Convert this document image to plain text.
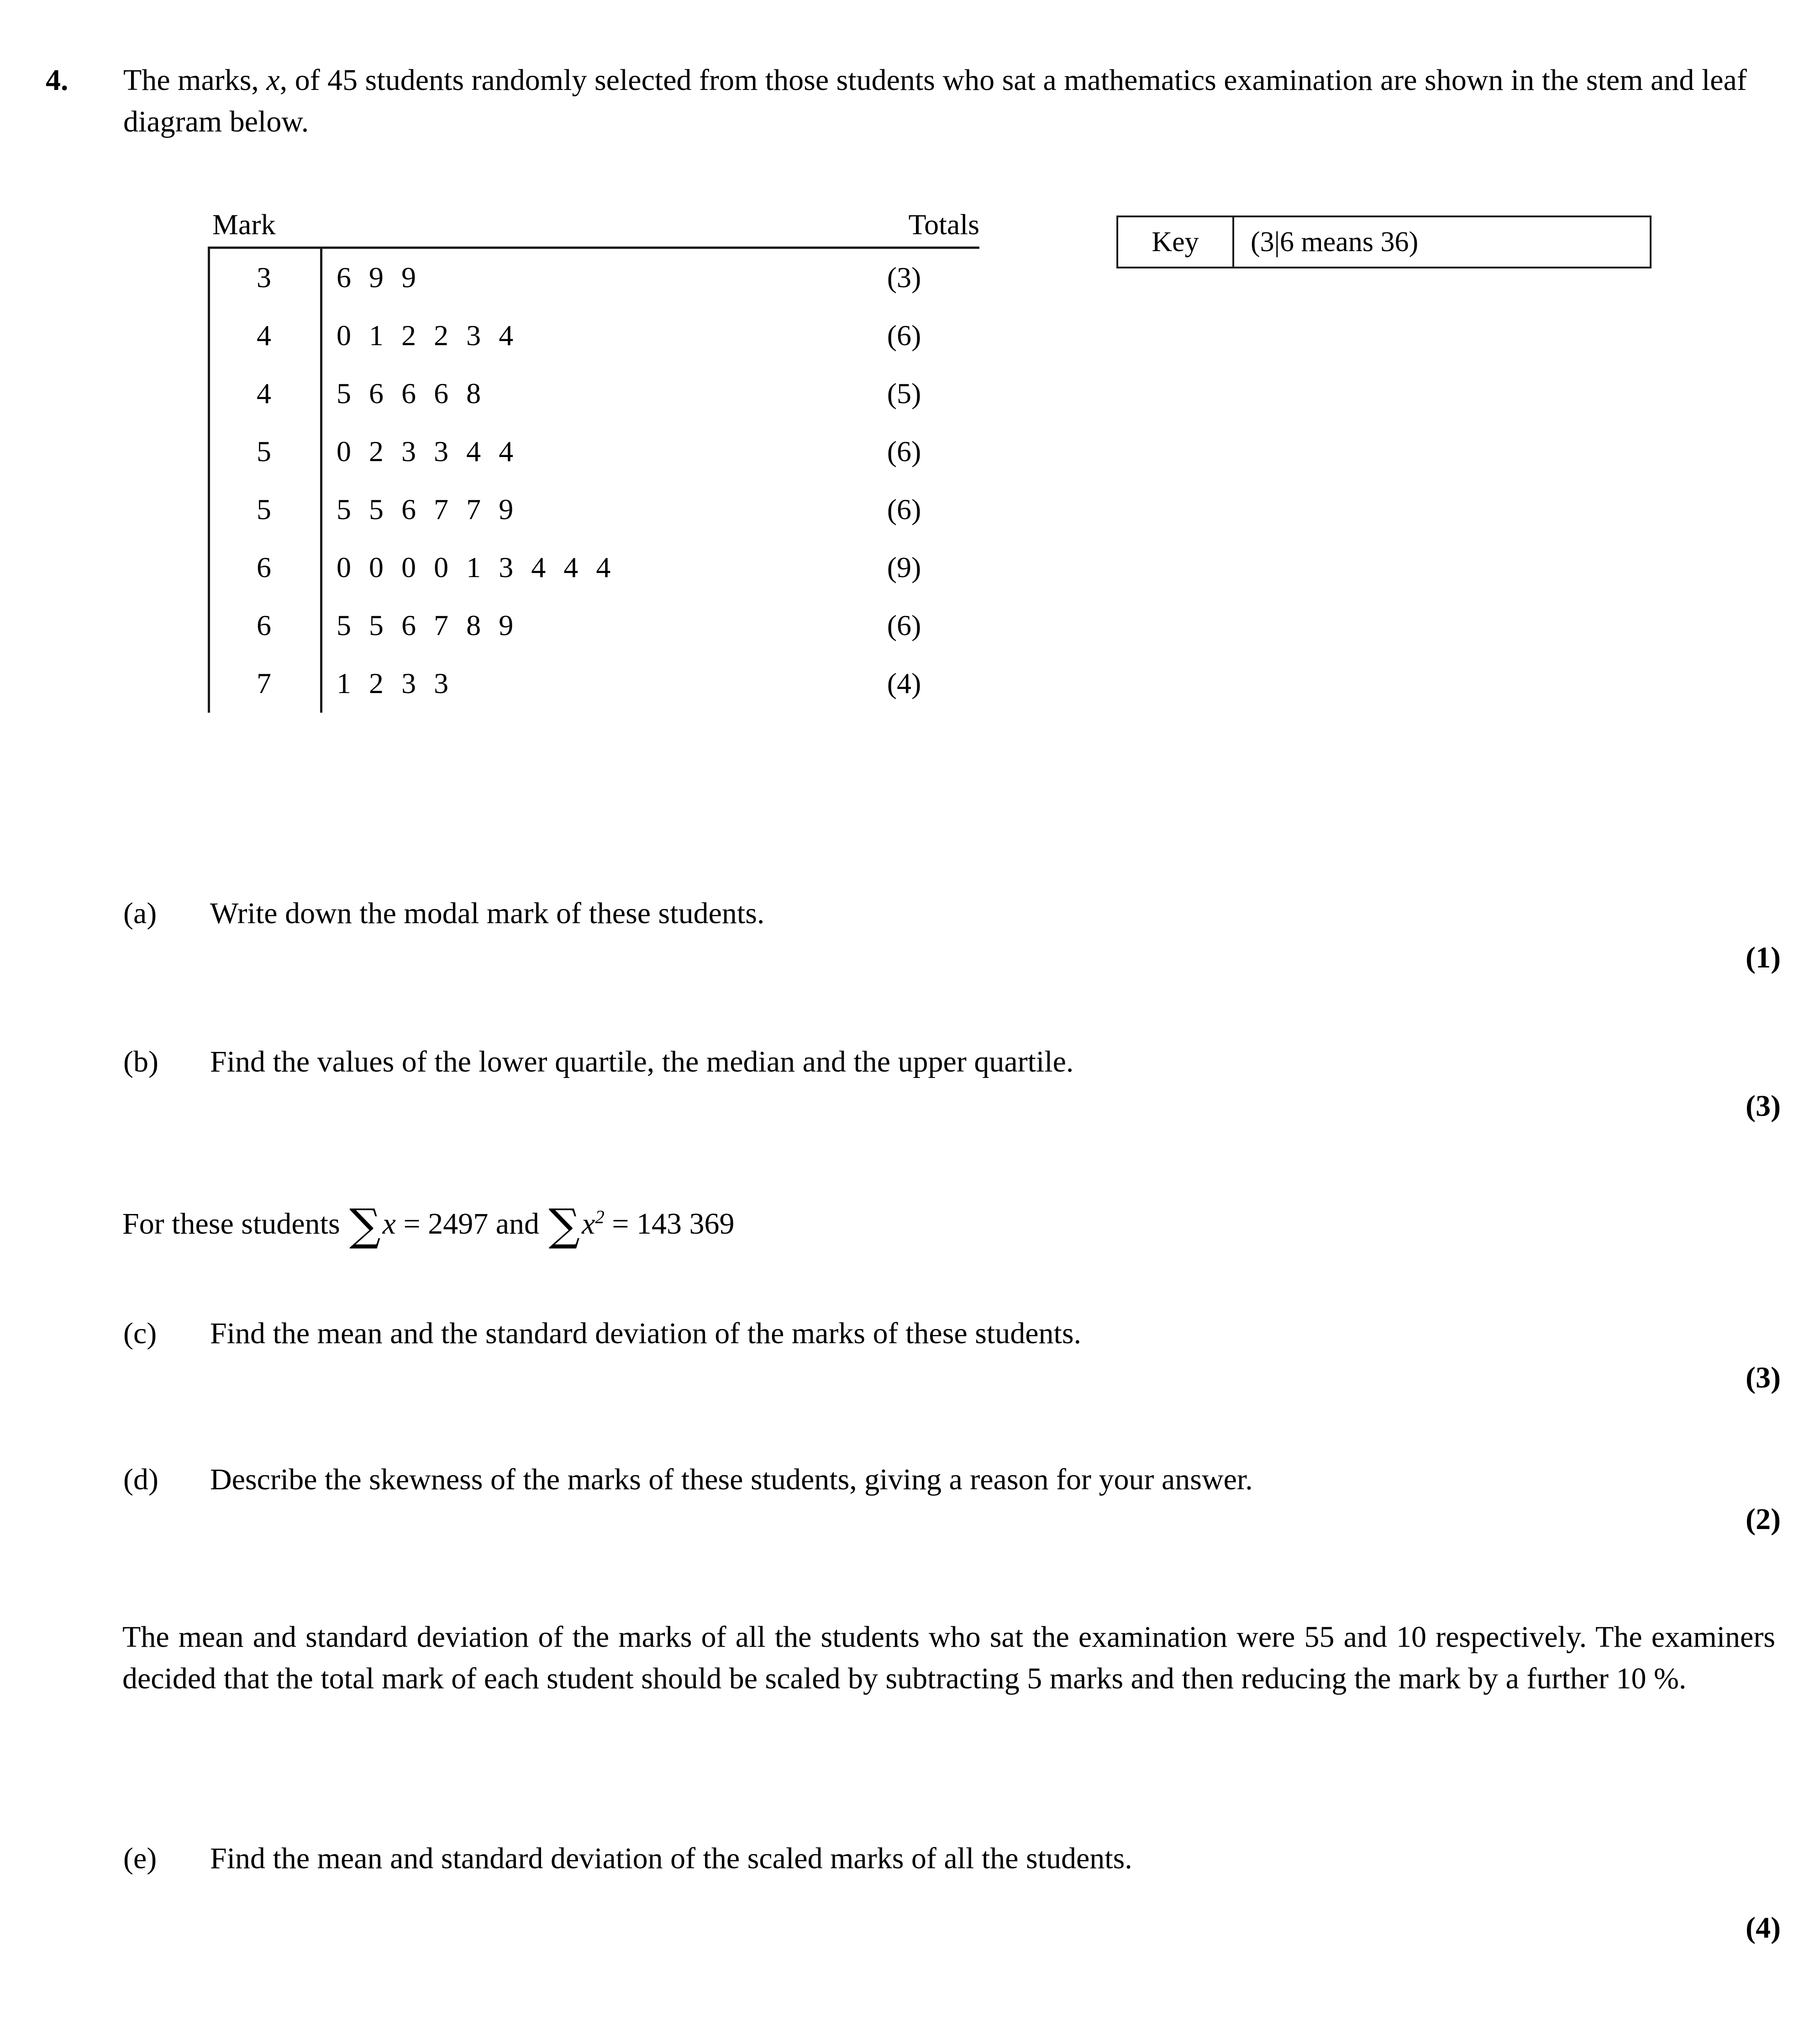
4.	The marks, x, of 45 students randomly selected from those students who sat a mathematics examination are shown in the stem and leaf diagram below.
Mark	Totals
3	6 9 9	(3)
4	0 1 2 2 3 4	(6)
4	5 6 6 6 8	(5)
5	0 2 3 3 4 4	(6)
5	5 5 6 7 7 9	(6)
6	0 0 0 0 1 3 4 4 4	(9)
6	5 5 6 7 8 9	(6)
7	1 2 3 3	(4)
Key	(3|6 means 36)
(a)	Write down the modal mark of these students.
(1)
(b)	Find the values of the lower quartile, the median and the upper quartile.
(3)
For these students ∑x = 2497 and $\sum x^2 = 143$ 369
(c)	Find the mean and the standard deviation of the marks of these students.
(3)
(d)	Describe the skewness of the marks of these students, giving a reason for your answer.
(2)
The mean and standard deviation of the marks of all the students who sat the examination were 55 and 10 respectively. The examiners decided that the total mark of each student should be scaled by subtracting 5 marks and then reducing the mark by a further 10 %.
(e)	Find the mean and standard deviation of the scaled marks of all the students.
(4)
